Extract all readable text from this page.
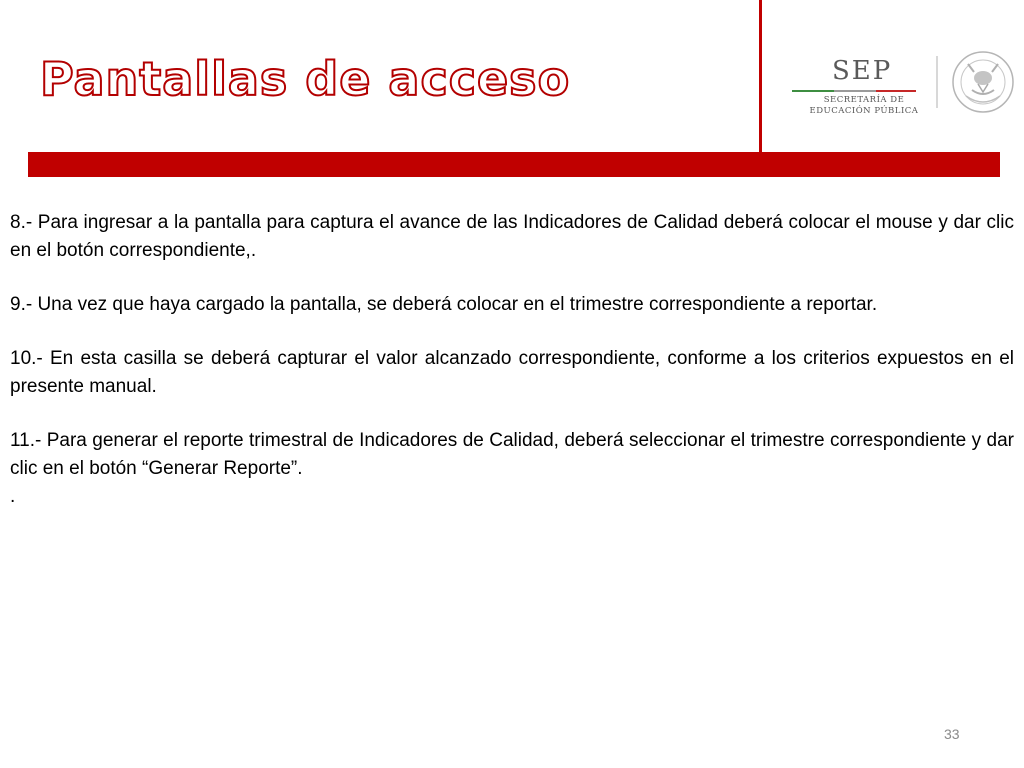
Pantallas de acceso	SEP
SECRETARÍA DE
EDUCACIÓN PÚBLICA

8.- Para ingresar a la pantalla para captura el avance de las Indicadores de Calidad deberá colocar el mouse y dar clic en el botón correspondiente,.

9.- Una vez que haya cargado la pantalla, se deberá colocar en el trimestre correspondiente a reportar.

10.- En esta casilla se deberá capturar el valor alcanzado correspondiente, conforme a los criterios expuestos en el presente manual.

11.- Para generar el reporte trimestral de Indicadores de Calidad, deberá seleccionar el trimestre correspondiente y dar clic en el botón “Generar Reporte”.

.

33
